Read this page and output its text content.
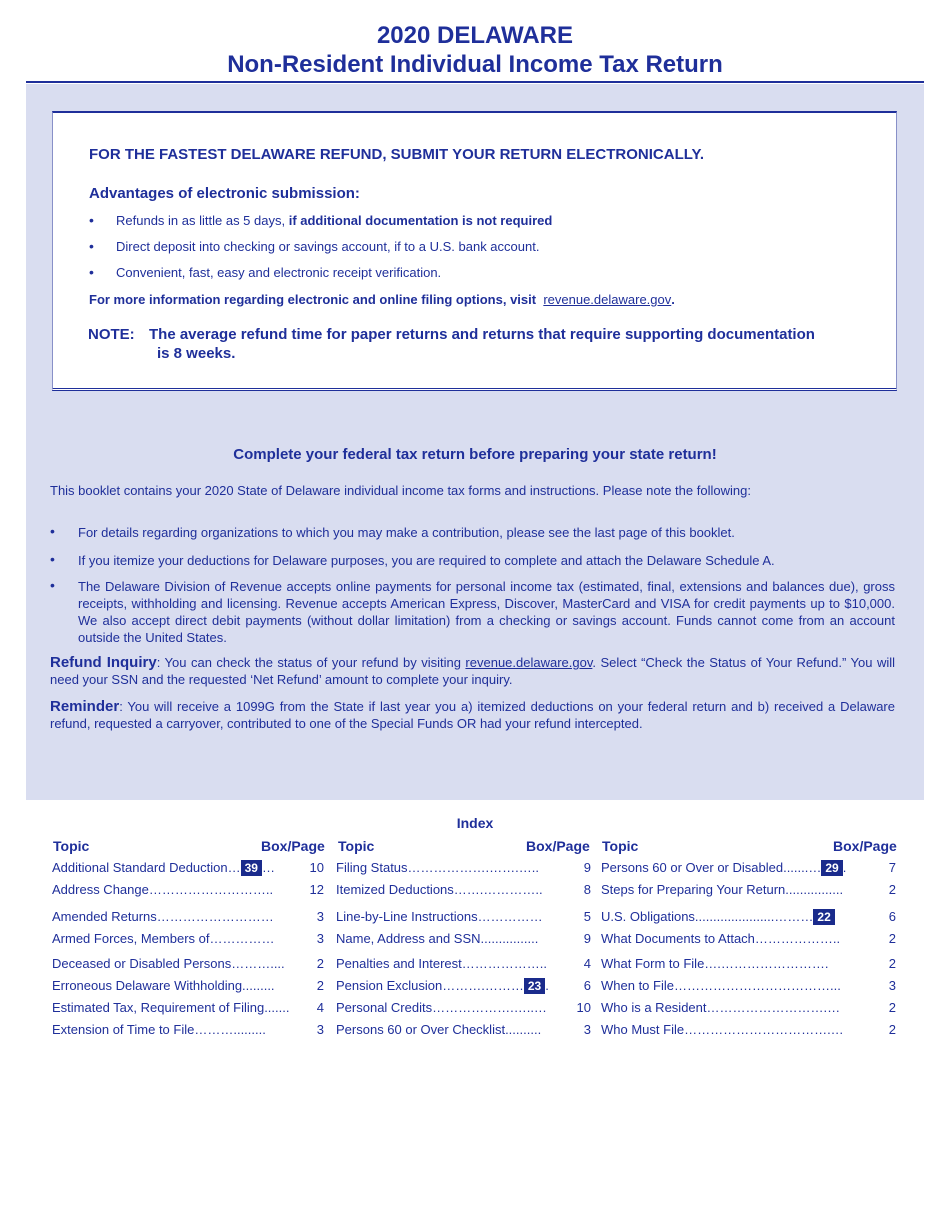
2020 DELAWARE
Non-Resident Individual Income Tax Return
FOR THE FASTEST DELAWARE REFUND, SUBMIT YOUR RETURN ELECTRONICALLY.
Advantages of electronic submission:
• Refunds in as little as 5 days, if additional documentation is not required
• Direct deposit into checking or savings account, if to a U.S. bank account.
• Convenient, fast, easy and electronic receipt verification.
For more information regarding electronic and online filing options, visit revenue.delaware.gov.
NOTE: The average refund time for paper returns and returns that require supporting documentation
is 8 weeks.
Complete your federal tax return before preparing your state return!
This booklet contains your 2020 State of Delaware individual income tax forms and instructions. Please note the following:
• For details regarding organizations to which you may make a contribution, please see the last page of this booklet.
• If you itemize your deductions for Delaware purposes, you are required to complete and attach the Delaware Schedule A.
• The Delaware Division of Revenue accepts online payments for personal income tax (estimated, final, extensions and balances due), gross receipts, withholding and licensing. Revenue accepts American Express, Discover, MasterCard and VISA for credit payments up to $10,000. We also accept direct debit payments (without dollar limitation) from a checking or savings account. Funds cannot come from an account outside the United States.
Refund Inquiry: You can check the status of your refund by visiting revenue.delaware.gov. Select “Check the Status of Your Refund.” You will need your SSN and the requested ‘Net Refund’ amount to complete your inquiry.
Reminder: You will receive a 1099G from the State if last year you a) itemized deductions on your federal return and b) received a Delaware refund, requested a carryover, contributed to one of the Special Funds OR had your refund intercepted.
Index
Topic	Box/Page Topic	Box/Page Topic	Box/Page
Additional Standard Deduction… 39 …	10
Address Change………………………..	12
Amended Returns………………………	3
Armed Forces, Members of……………	3
Deceased or Disabled Persons………....	2
Erroneous Delaware Withholding.........	2
Estimated Tax, Requirement of Filing.......	4
Extension of Time to File……….........	3
Filing Status……………….…….…..	9
Itemized Deductions…….…………..	8
Line-by-Line Instructions……………	5
Name, Address and SSN................	9
Penalties and Interest………………..	4
Pension Exclusion……….……… 23 .	6
Personal Credits……………….…..…	10
Persons 60 or Over Checklist..........	3
Persons 60 or Over or Disabled.......… 29 .	7
Steps for Preparing Your Return................	2
U.S. Obligations......................……… 22	6
What Documents to Attach………………..	2
What Form to File….…………………….	2
When to File………………………………...	3
Who is a Resident……………………….…	2
Who Must File…………………………….…	2
